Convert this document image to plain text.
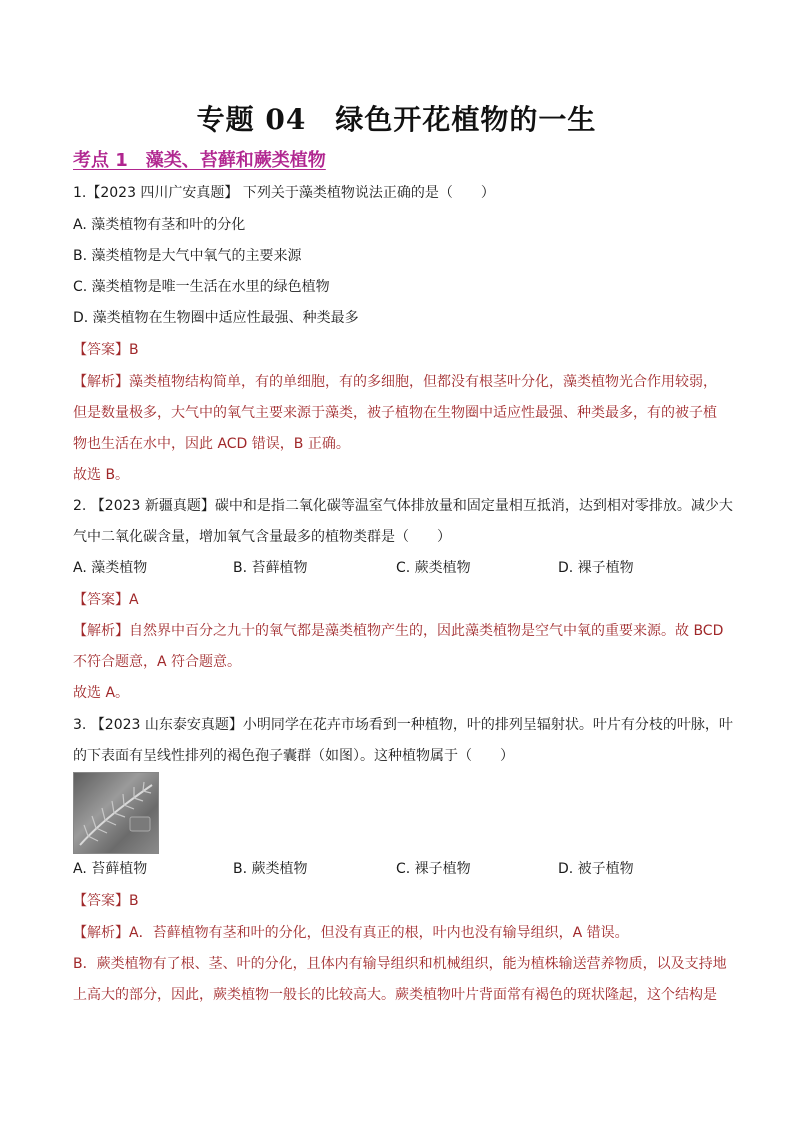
专题 04　绿色开花植物的一生
考点 1　藻类、苔藓和蕨类植物
1.【2023 四川广安真题】 下列关于藻类植物说法正确的是（　　）
A. 藻类植物有茎和叶的分化
B. 藻类植物是大气中氧气的主要来源
C. 藻类植物是唯一生活在水里的绿色植物
D. 藻类植物在生物圈中适应性最强、种类最多
【答案】B
【解析】藻类植物结构简单，有的单细胞，有的多细胞，但都没有根茎叶分化，藻类植物光合作用较弱，
但是数量极多，大气中的氧气主要来源于藻类，被子植物在生物圈中适应性最强、种类最多，有的被子植
物也生活在水中，因此 ACD 错误，B 正确。
故选 B。
2. 【2023 新疆真题】碳中和是指二氧化碳等温室气体排放量和固定量相互抵消，达到相对零排放。减少大
气中二氧化碳含量，增加氧气含量最多的植物类群是（　　）
A. 藻类植物	B. 苔藓植物	C. 蕨类植物	D. 裸子植物
【答案】A
【解析】自然界中百分之九十的氧气都是藻类植物产生的，因此藻类植物是空气中氧的重要来源。故 BCD
不符合题意，A 符合题意。
故选 A。
3. 【2023 山东泰安真题】小明同学在花卉市场看到一种植物，叶的排列呈辐射状。叶片有分枝的叶脉，叶
的下表面有呈线性排列的褐色孢子囊群（如图）。这种植物属于（　　）
A. 苔藓植物	B. 蕨类植物	C. 裸子植物	D. 被子植物
【答案】B
【解析】A．苔藓植物有茎和叶的分化，但没有真正的根，叶内也没有输导组织，A 错误。
B．蕨类植物有了根、茎、叶的分化，且体内有输导组织和机械组织，能为植株输送营养物质，以及支持地
上高大的部分，因此，蕨类植物一般长的比较高大。蕨类植物叶片背面常有褐色的斑状隆起，这个结构是
